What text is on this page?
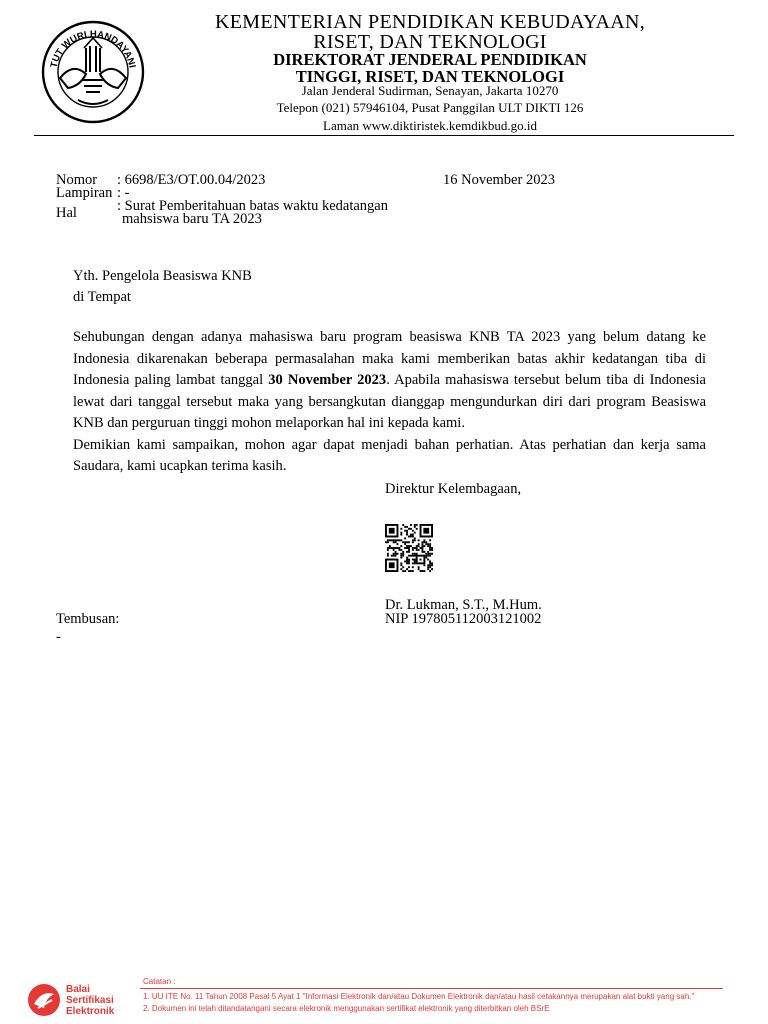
TUT WURI HANDAYANI
KEMENTERIAN PENDIDIKAN KEBUDAYAAN,
RISET, DAN TEKNOLOGI
DIREKTORAT JENDERAL PENDIDIKAN
TINGGI, RISET, DAN TEKNOLOGI
Jalan Jenderal Sudirman, Senayan, Jakarta 10270
Telepon (021) 57946104, Pusat Panggilan ULT DIKTI 126
Laman www.diktiristek.kemdikbud.go.id
Nomor : 6698/E3/OT.00.04/2023	16 November 2023
Lampiran : -
Hal	: Surat Pemberitahuan batas waktu kedatangan
mahsiswa baru TA 2023
Yth. Pengelola Beasiswa KNB
di Tempat

Sehubungan dengan adanya mahasiswa baru program beasiswa KNB TA 2023 yang belum datang ke Indonesia dikarenakan beberapa permasalahan maka kami memberikan batas akhir kedatangan tiba di Indonesia paling lambat tanggal 30 November 2023. Apabila mahasiswa tersebut belum tiba di Indonesia lewat dari tanggal tersebut maka yang bersangkutan dianggap mengundurkan diri dari program Beasiswa KNB dan perguruan tinggi mohon melaporkan hal ini kepada kami.

Demikian kami sampaikan, mohon agar dapat menjadi bahan perhatian. Atas perhatian dan kerja sama Saudara, kami ucapkan terima kasih.

Direktur Kelembagaan,
Dr. Lukman, S.T., M.Hum.
NIP 197805112003121002
Tembusan:
-
Balai
Sertifikasi
Elektronik
Catatan :
1. UU ITE No. 11 Tahun 2008 Pasal 5 Ayat 1 "Informasi Elektronik dan/atau Dokumen Elektronik dan/atau hasil cetakannya merupakan alat bukti yang sah."
2. Dokumen ini telah ditandatangani secara elekronik menggunakan sertifikat elektronik yang diterbitkan oleh BSrE
